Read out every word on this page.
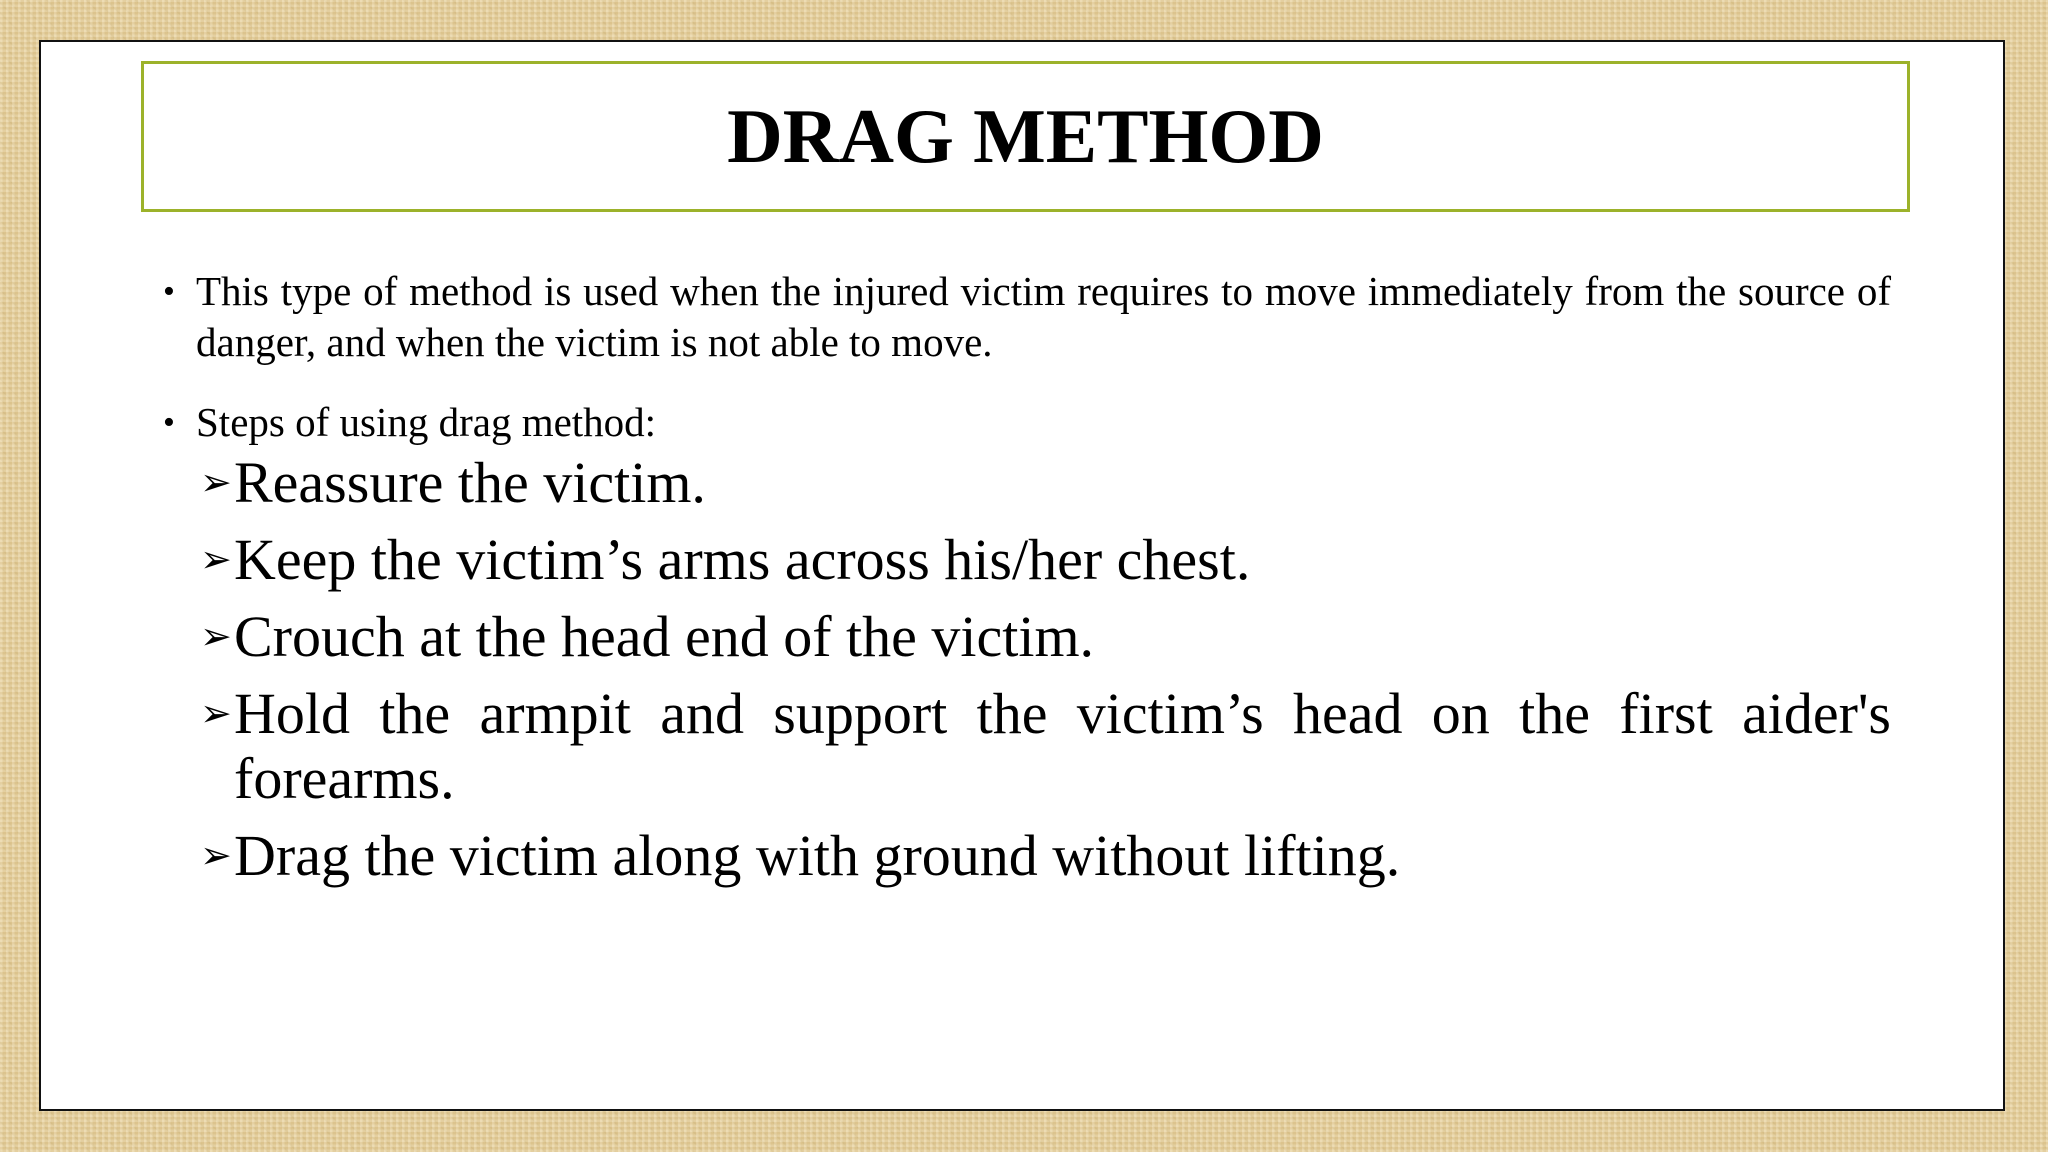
DRAG METHOD
• This type of method is used when the injured victim requires to move immediately from the source of danger, and when the victim is not able to move.
• Steps of using drag method:
➢ Reassure the victim.
➢ Keep the victim’s arms across his/her chest.
➢ Crouch at the head end of the victim.
➢ Hold the armpit and support the victim’s head on the first aider's forearms.
➢ Drag the victim along with ground without lifting.
